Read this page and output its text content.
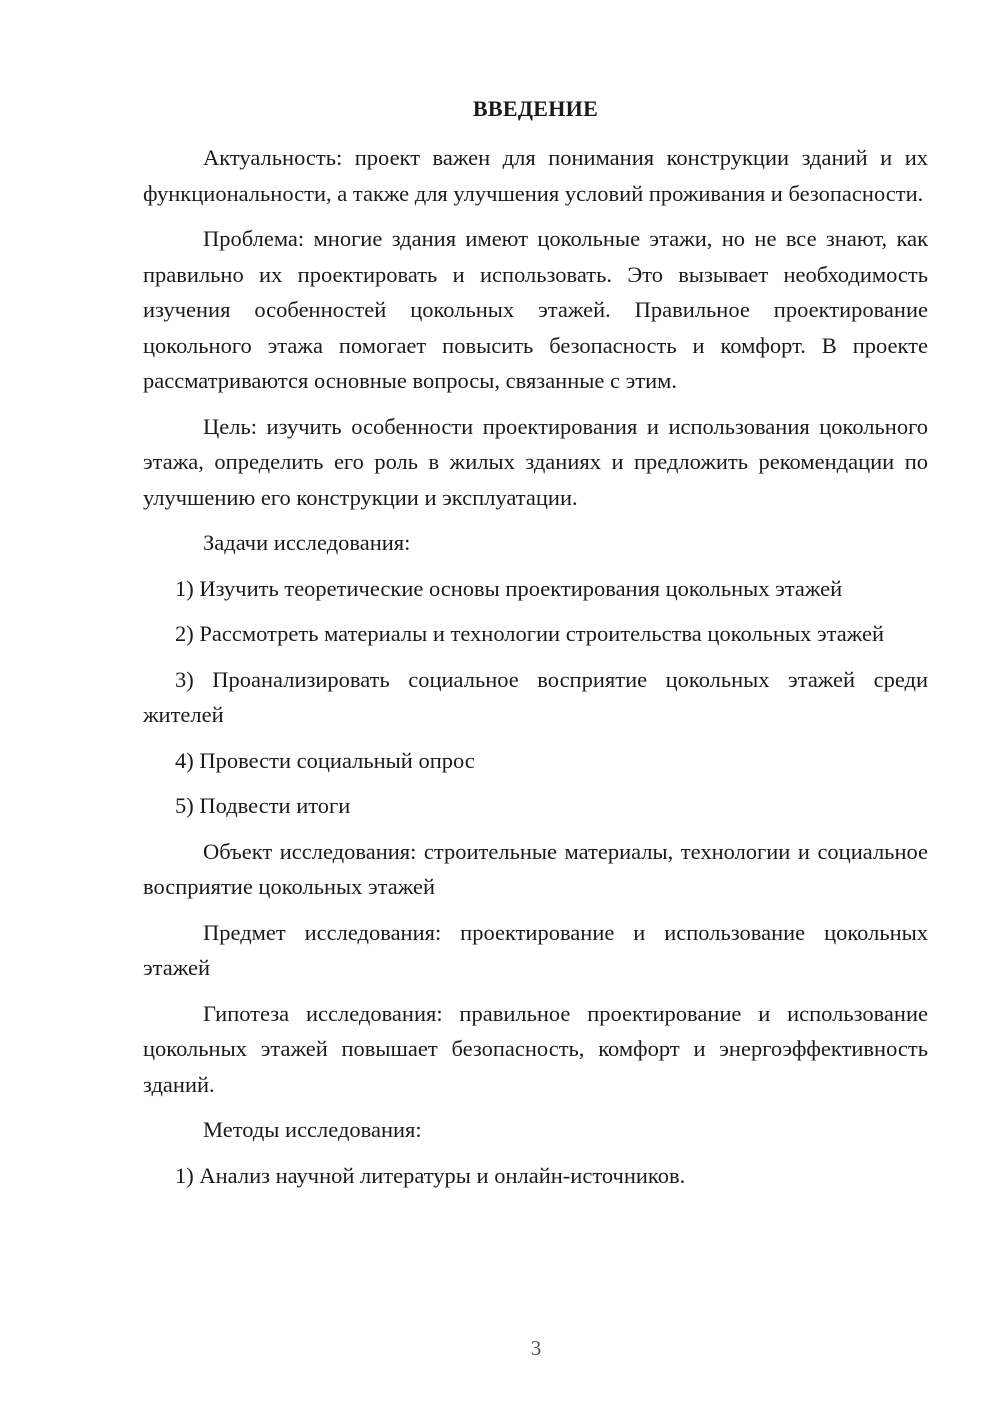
ВВЕДЕНИЕ

Актуальность: проект важен для понимания конструкции зданий и их функциональности, а также для улучшения условий проживания и безопасности.

Проблема: многие здания имеют цокольные этажи, но не все знают, как правильно их проектировать и использовать. Это вызывает необходимость изучения особенностей цокольных этажей. Правильное проектирование цокольного этажа помогает повысить безопасность и комфорт. В проекте рассматриваются основные вопросы, связанные с этим.

Цель: изучить особенности проектирования и использования цокольного этажа, определить его роль в жилых зданиях и предложить рекомендации по улучшению его конструкции и эксплуатации.

Задачи исследования:

1) Изучить теоретические основы проектирования цокольных этажей

2) Рассмотреть материалы и технологии строительства цокольных этажей

3) Проанализировать социальное восприятие цокольных этажей среди жителей

4) Провести социальный опрос

5) Подвести итоги

Объект исследования: строительные материалы, технологии и социальное восприятие цокольных этажей

Предмет исследования: проектирование и использование цокольных этажей

Гипотеза исследования: правильное проектирование и использование цокольных этажей повышает безопасность, комфорт и энергоэффективность зданий.

Методы исследования:

1) Анализ научной литературы и онлайн-источников.

3
